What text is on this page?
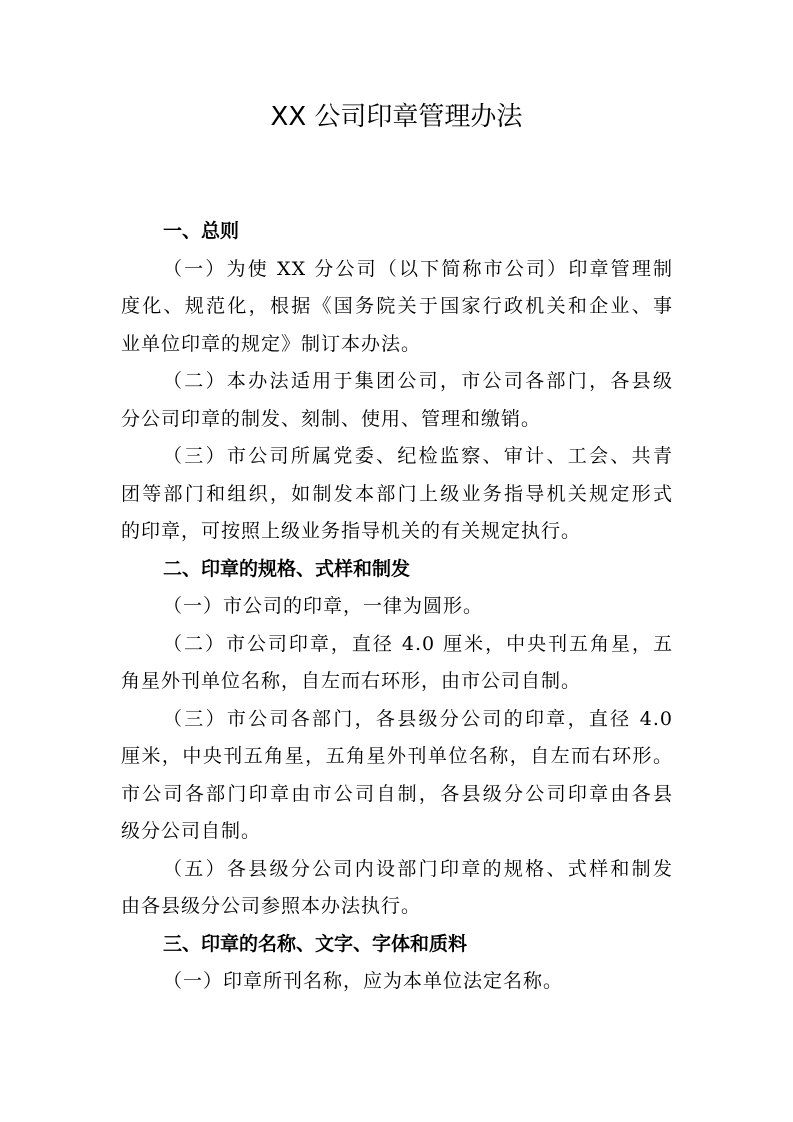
XX 公司印章管理办法
一、总则
（一）为使 XX 分公司（以下简称市公司）印章管理制
度化、规范化，根据《国务院关于国家行政机关和企业、事
业单位印章的规定》制订本办法。
（二）本办法适用于集团公司，市公司各部门，各县级
分公司印章的制发、刻制、使用、管理和缴销。
（三）市公司所属党委、纪检监察、审计、工会、共青
团等部门和组织，如制发本部门上级业务指导机关规定形式
的印章，可按照上级业务指导机关的有关规定执行。
二、印章的规格、式样和制发
（一）市公司的印章，一律为圆形。
（二）市公司印章，直径 4.0 厘米，中央刊五角星，五
角星外刊单位名称，自左而右环形，由市公司自制。
（三）市公司各部门，各县级分公司的印章，直径 4.0
厘米，中央刊五角星，五角星外刊单位名称，自左而右环形。
市公司各部门印章由市公司自制，各县级分公司印章由各县
级分公司自制。
（五）各县级分公司内设部门印章的规格、式样和制发
由各县级分公司参照本办法执行。
三、印章的名称、文字、字体和质料
（一）印章所刊名称，应为本单位法定名称。
